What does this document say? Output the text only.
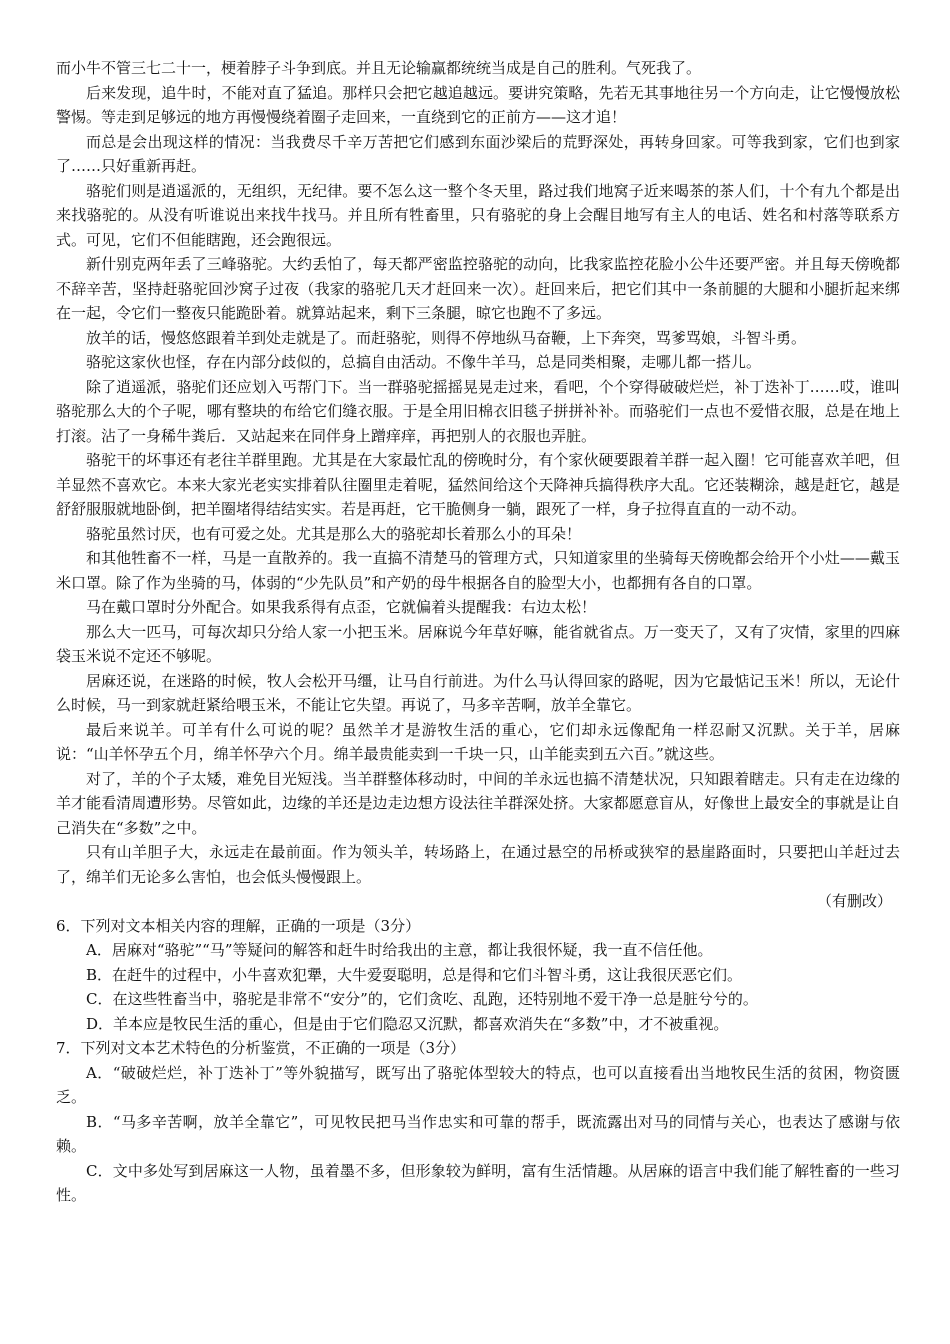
而小牛不管三七二十一，梗着脖子斗争到底。并且无论输赢都统统当成是自己的胜利。气死我了。

后来发现，追牛时，不能对直了猛追。那样只会把它越追越远。要讲究策略，先若无其事地往另一个方向走，让它慢慢放松警惕。等走到足够远的地方再慢慢绕着圈子走回来，一直绕到它的正前方——这才追！

而总是会出现这样的情况：当我费尽千辛万苦把它们感到东面沙梁后的荒野深处，再转身回家。可等我到家，它们也到家了……只好重新再赶。

骆驼们则是逍遥派的，无组织，无纪律。要不怎么这一整个冬天里，路过我们地窝子近来喝茶的茶人们，十个有九个都是出来找骆驼的。从没有听谁说出来找牛找马。并且所有牲畜里，只有骆驼的身上会醒目地写有主人的电话、姓名和村落等联系方式。可见，它们不但能瞎跑，还会跑很远。

新什别克两年丢了三峰骆驼。大约丢怕了，每天都严密监控骆驼的动向，比我家监控花脸小公牛还要严密。并且每天傍晚都不辞辛苦，坚持赶骆驼回沙窝子过夜（我家的骆驼几天才赶回来一次）。赶回来后，把它们其中一条前腿的大腿和小腿折起来绑在一起，令它们一整夜只能跪卧着。就算站起来，剩下三条腿，晾它也跑不了多远。

放羊的话，慢悠悠跟着羊到处走就是了。而赶骆驼，则得不停地纵马奋鞭，上下奔突，骂爹骂娘，斗智斗勇。

骆驼这家伙也怪，存在内部分歧似的，总搞自由活动。不像牛羊马，总是同类相聚，走哪儿都一搭儿。

除了逍遥派，骆驼们还应划入丐帮门下。当一群骆驼摇摇晃晃走过来，看吧，个个穿得破破烂烂，补丁迭补丁……哎，谁叫骆驼那么大的个子呢，哪有整块的布给它们缝衣服。于是全用旧棉衣旧毯子拼拼补补。而骆驼们一点也不爱惜衣服，总是在地上打滚。沾了一身稀牛粪后．又站起来在同伴身上蹭痒痒，再把别人的衣服也弄脏。

骆驼干的坏事还有老往羊群里跑。尤其是在大家最忙乱的傍晚时分，有个家伙硬要跟着羊群一起入圈！它可能喜欢羊吧，但羊显然不喜欢它。本来大家光老实实排着队往圈里走着呢，猛然间给这个天降神兵搞得秩序大乱。它还装糊涂，越是赶它，越是舒舒服服就地卧倒，把羊圈堵得结结实实。若是再赶，它干脆侧身一躺，跟死了一样，身子拉得直直的一动不动。

骆驼虽然讨厌，也有可爱之处。尤其是那么大的骆驼却长着那么小的耳朵！

和其他牲畜不一样，马是一直散养的。我一直搞不清楚马的管理方式，只知道家里的坐骑每天傍晚都会给开个小灶——戴玉米口罩。除了作为坐骑的马，体弱的“少先队员”和产奶的母牛根据各自的脸型大小，也都拥有各自的口罩。

马在戴口罩时分外配合。如果我系得有点歪，它就偏着头提醒我：右边太松！

那么大一匹马，可每次却只分给人家一小把玉米。居麻说今年草好嘛，能省就省点。万一变天了，又有了灾情，家里的四麻袋玉米说不定还不够呢。

居麻还说，在迷路的时候，牧人会松开马缰，让马自行前进。为什么马认得回家的路呢，因为它最惦记玉米！所以，无论什么时候，马一到家就赶紧给喂玉米，不能让它失望。再说了，马多辛苦啊，放羊全靠它。

最后来说羊。可羊有什么可说的呢？虽然羊才是游牧生活的重心，它们却永远像配角一样忍耐又沉默。关于羊，居麻说：“山羊怀孕五个月，绵羊怀孕六个月。绵羊最贵能卖到一千块一只，山羊能卖到五六百。”就这些。

对了，羊的个子太矮，难免目光短浅。当羊群整体移动时，中间的羊永远也搞不清楚状况，只知跟着瞎走。只有走在边缘的羊才能看清周遭形势。尽管如此，边缘的羊还是边走边想方设法往羊群深处挤。大家都愿意盲从，好像世上最安全的事就是让自己消失在“多数”之中。

只有山羊胆子大，永远走在最前面。作为领头羊，转场路上，在通过悬空的吊桥或狭窄的悬崖路面时，只要把山羊赶过去了，绵羊们无论多么害怕，也会低头慢慢跟上。

（有删改）

6．下列对文本相关内容的理解，正确的一项是（3分）

A．居麻对“骆驼”“马”等疑问的解答和赶牛时给我出的主意，都让我很怀疑，我一直不信任他。

B．在赶牛的过程中，小牛喜欢犯犟，大牛爱耍聪明，总是得和它们斗智斗勇，这让我很厌恶它们。

C．在这些牲畜当中，骆驼是非常不“安分”的，它们贪吃、乱跑，还特别地不爱干净一总是脏兮兮的。

D．羊本应是牧民生活的重心，但是由于它们隐忍又沉默，都喜欢消失在“多数”中，才不被重视。

7．下列对文本艺术特色的分析鉴赏，不正确的一项是（3分）

A．“破破烂烂，补丁迭补丁”等外貌描写，既写出了骆驼体型较大的特点，也可以直接看出当地牧民生活的贫困，物资匮乏。

B．“马多辛苦啊，放羊全靠它”，可见牧民把马当作忠实和可靠的帮手，既流露出对马的同情与关心，也表达了感谢与依赖。

C．文中多处写到居麻这一人物，虽着墨不多，但形象较为鲜明，富有生活情趣。从居麻的语言中我们能了解牲畜的一些习性。
